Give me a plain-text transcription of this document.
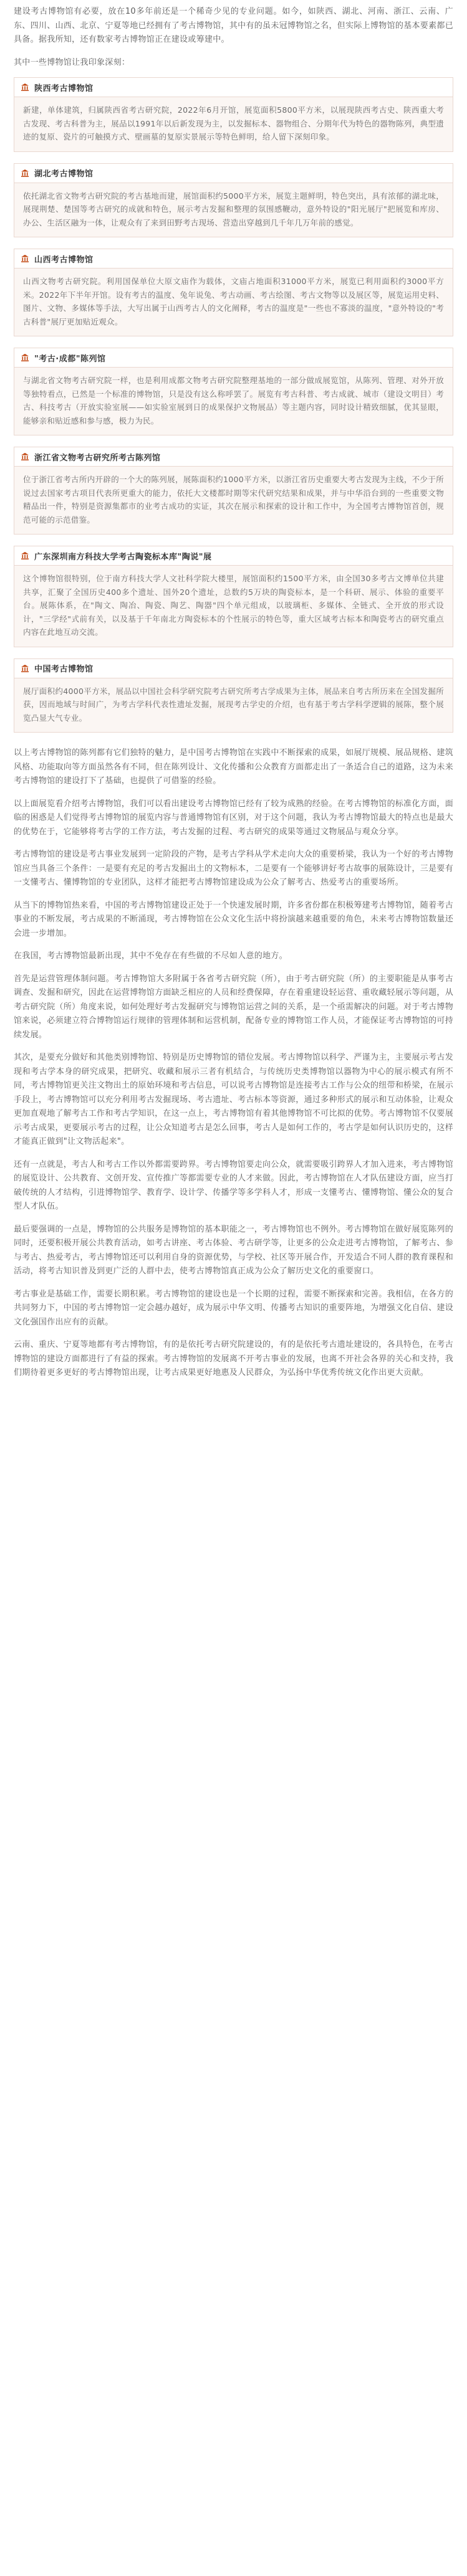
建设考古博物馆有必要，放在10多年前还是一个稀奇少见的专业问题。如今，如陕西、湖北、河南、浙江、云南、广东、四川、山西、北京、宁夏等地已经拥有了考古博物馆，其中有的虽未冠博物馆之名，但实际上博物馆的基本要素都已具备。据我所知，还有数家考古博物馆正在建设或筹建中。

其中一些博物馆让我印象深刻：

陕西考古博物馆
新建，单体建筑，归属陕西省考古研究院，2022年6月开馆，展览面积5800平方米，以展现陕西考古史、陕西重大考古发现、考古科普为主，展品以1991年以后新发现为主，以发掘标本、器物组合、分期年代为特色的器物陈列，典型遗迹的复原、瓷片的可触摸方式、壁画墓的复原实景展示等特色鲜明，给人留下深刻印象。
湖北考古博物馆
依托湖北省文物考古研究院的考古基地而建，展馆面积约5000平方米，展览主题鲜明，特色突出，具有浓郁的湖北味，展现荆楚、楚国等考古研究的成就和特色，展示考古发掘和整理的氛围感鞭动，意外特设的"阳光展厅"把展览和库房、办公、生活区融为一体，让观众有了来到田野考古现场、营造出穿越到几千年几万年前的感觉。
山西考古博物馆
山西文物考古研究院。利用国保单位大原文庙作为载体，文庙占地面积31000平方米，展览已利用面积约3000平方米。2022年下半年开馆。设有考古的温度、兔年说兔、考古动画、考古绘图、考古文物等以及展区等，展览运用史料、图片、文物、多媒体等手法，大写出属于山西考古人的文化阐释，考古的温度是"一些也不寡淡的温度，"意外特设的"考古科普"展厅更加贴近观众。
"考古·成都"陈列馆
与湖北省文物考古研究院一样，也是利用成都文物考古研究院整理基地的一部分做成展览馆，从陈列、管理、对外开放等独特看点，已然是一个标准的博物馆，只是没有这么称呼罢了。展览有考古科普、考古成就、城市（建设文明目）考古、科技考古（开放实验室展——如实验室展到日的成果保护文物展品）等主题内容，同时设计精致细腻，优其显眼，能够亲和贴近感和参与感，极力为民。
浙江省文物考古研究所考古陈列馆
位于浙江省考古所内开辟的一个大的陈列展，展陈面积约1000平方米，以浙江省历史重要大考古发现为主线，不少于所说过去国家考古项目代表所更重大的能力，依托大文楼都时期等宋代研究结果和成果，并与中华沿台到的一些重要文物精品出一件，特别是资源集都市的业考古成功的实证，其次在展示和探索的设计和工作中，为全国考古博物馆首创，规范可能的示范借鉴。
广东深圳南方科技大学考古陶瓷标本库"陶说"展
这个博物馆很特别，位于南方科技大学人文社科学院大楼里，展馆面积约1500平方米，由全国30多考古文博单位共建共享，汇聚了全国历史400多个遗址、国外20个遗址，总数约5万块的陶瓷标本，是一个科研、展示、体验的重要平台。展陈体系，在"陶文、陶冶、陶瓷、陶艺、陶器"四个单元组成，以玻璃柜、多媒体、全链式、全开放的形式设计，"三学经"式前有关，以及基于千年南北方陶瓷标本的个性展示的特色等，重大区域考古标本和陶瓷考古的研究重点内容在此地互动交流。
中国考古博物馆
展厅面积约4000平方米，展品以中国社会科学研究院考古研究所考古学成果为主体，展品来自考古所历来在全国发掘所获，因而地域与时间广，为考古学科代表性遗址发掘，展现考古学史的介绍，也有基于考古学科学逻辑的展陈，整个展览凸显大气专业。

以上考古博物馆的陈列都有它们独特的魅力，是中国考古博物馆在实践中不断探索的成果，如展厅规模、展品规格、建筑风格、功能取向等方面虽然各有不同，但在陈列设计、文化传播和公众教育方面都走出了一条适合自己的道路，这为未来考古博物馆的建设打下了基础，也提供了可借鉴的经验。

以上面展览看介绍考古博物馆，我们可以看出建设考古博物馆已经有了较为成熟的经验。在考古博物馆的标准化方面，面临的困惑是人们觉得考古博物馆的展览内容与普通博物馆有区别，对于这个问题，我认为考古博物馆最大的特点也是最大的优势在于，它能够将考古学的工作方法，考古发掘的过程、考古研究的成果等通过文物展品与观众分享。

考古博物馆的建设是考古事业发展到一定阶段的产物，是考古学科从学术走向大众的重要桥梁，我认为一个好的考古博物馆应当具备三个条件：一是要有充足的考古发掘出土的文物标本，二是要有一个能够讲好考古故事的展陈设计，三是要有一支懂考古、懂博物馆的专业团队，这样才能把考古博物馆建设成为公众了解考古、热爱考古的重要场所。

从当下的博物馆热来看，中国的考古博物馆建设正处于一个快速发展时期，许多省份都在积极筹建考古博物馆，随着考古事业的不断发展，考古成果的不断涌现，考古博物馆在公众文化生活中将扮演越来越重要的角色，未来考古博物馆数量还会进一步增加。

在我国，考古博物馆最新出现，其中不免存在有些做的不尽如人意的地方。

首先是运营管理体制问题。考古博物馆大多附属于各省考古研究院（所），由于考古研究院（所）的主要职能是从事考古调查、发掘和研究，因此在运营博物馆方面缺乏相应的人员和经费保障，存在着重建设轻运营、重收藏轻展示等问题，从考古研究院（所）角度来说，如何处理好考古发掘研究与博物馆运营之间的关系，是一个亟需解决的问题。对于考古博物馆来说，必须建立符合博物馆运行规律的管理体制和运营机制，配备专业的博物馆工作人员，才能保证考古博物馆的可持续发展。

其次，是要充分做好和其他类别博物馆、特别是历史博物馆的错位发展。考古博物馆以科学、严谨为主，主要展示考古发现和考古学本身的研究成果，把研究、收藏和展示三者有机结合，与传统历史类博物馆以器物为中心的展示模式有所不同，考古博物馆更关注文物出土的原始环境和考古信息，可以说考古博物馆是连接考古工作与公众的纽带和桥梁，在展示手段上，考古博物馆可以充分利用考古发掘现场、考古遗址、考古标本等资源，通过多种形式的展示和互动体验，让观众更加直观地了解考古工作和考古学知识，在这一点上，考古博物馆有着其他博物馆不可比拟的优势。考古博物馆不仅要展示考古成果，更要展示考古的过程，让公众知道考古是怎么回事，考古人是如何工作的，考古学是如何认识历史的，这样才能真正做到"让文物活起来"。

还有一点就是，考古人和考古工作以外都需要跨界。考古博物馆要走向公众，就需要吸引跨界人才加入进来，考古博物馆的展览设计、公共教育、文创开发、宣传推广等都需要专业的人才来做。因此，考古博物馆在人才队伍建设方面，应当打破传统的人才结构，引进博物馆学、教育学、设计学、传播学等多学科人才，形成一支懂考古、懂博物馆、懂公众的复合型人才队伍。

最后要强调的一点是，博物馆的公共服务是博物馆的基本职能之一，考古博物馆也不例外。考古博物馆在做好展览陈列的同时，还要积极开展公共教育活动，如考古讲座、考古体验、考古研学等，让更多的公众走进考古博物馆，了解考古、参与考古、热爱考古，考古博物馆还可以利用自身的资源优势，与学校、社区等开展合作，开发适合不同人群的教育课程和活动，将考古知识普及到更广泛的人群中去，使考古博物馆真正成为公众了解历史文化的重要窗口。

考古事业是基础工作，需要长期积累。考古博物馆的建设也是一个长期的过程，需要不断探索和完善。我相信，在各方的共同努力下，中国的考古博物馆一定会越办越好，成为展示中华文明、传播考古知识的重要阵地，为增强文化自信、建设文化强国作出应有的贡献。

云南、重庆、宁夏等地都有考古博物馆，有的是依托考古研究院建设的，有的是依托考古遗址建设的，各具特色，在考古博物馆的建设方面都进行了有益的探索。考古博物馆的发展离不开考古事业的发展，也离不开社会各界的关心和支持，我们期待着更多更好的考古博物馆出现，让考古成果更好地惠及人民群众，为弘扬中华优秀传统文化作出更大贡献。
